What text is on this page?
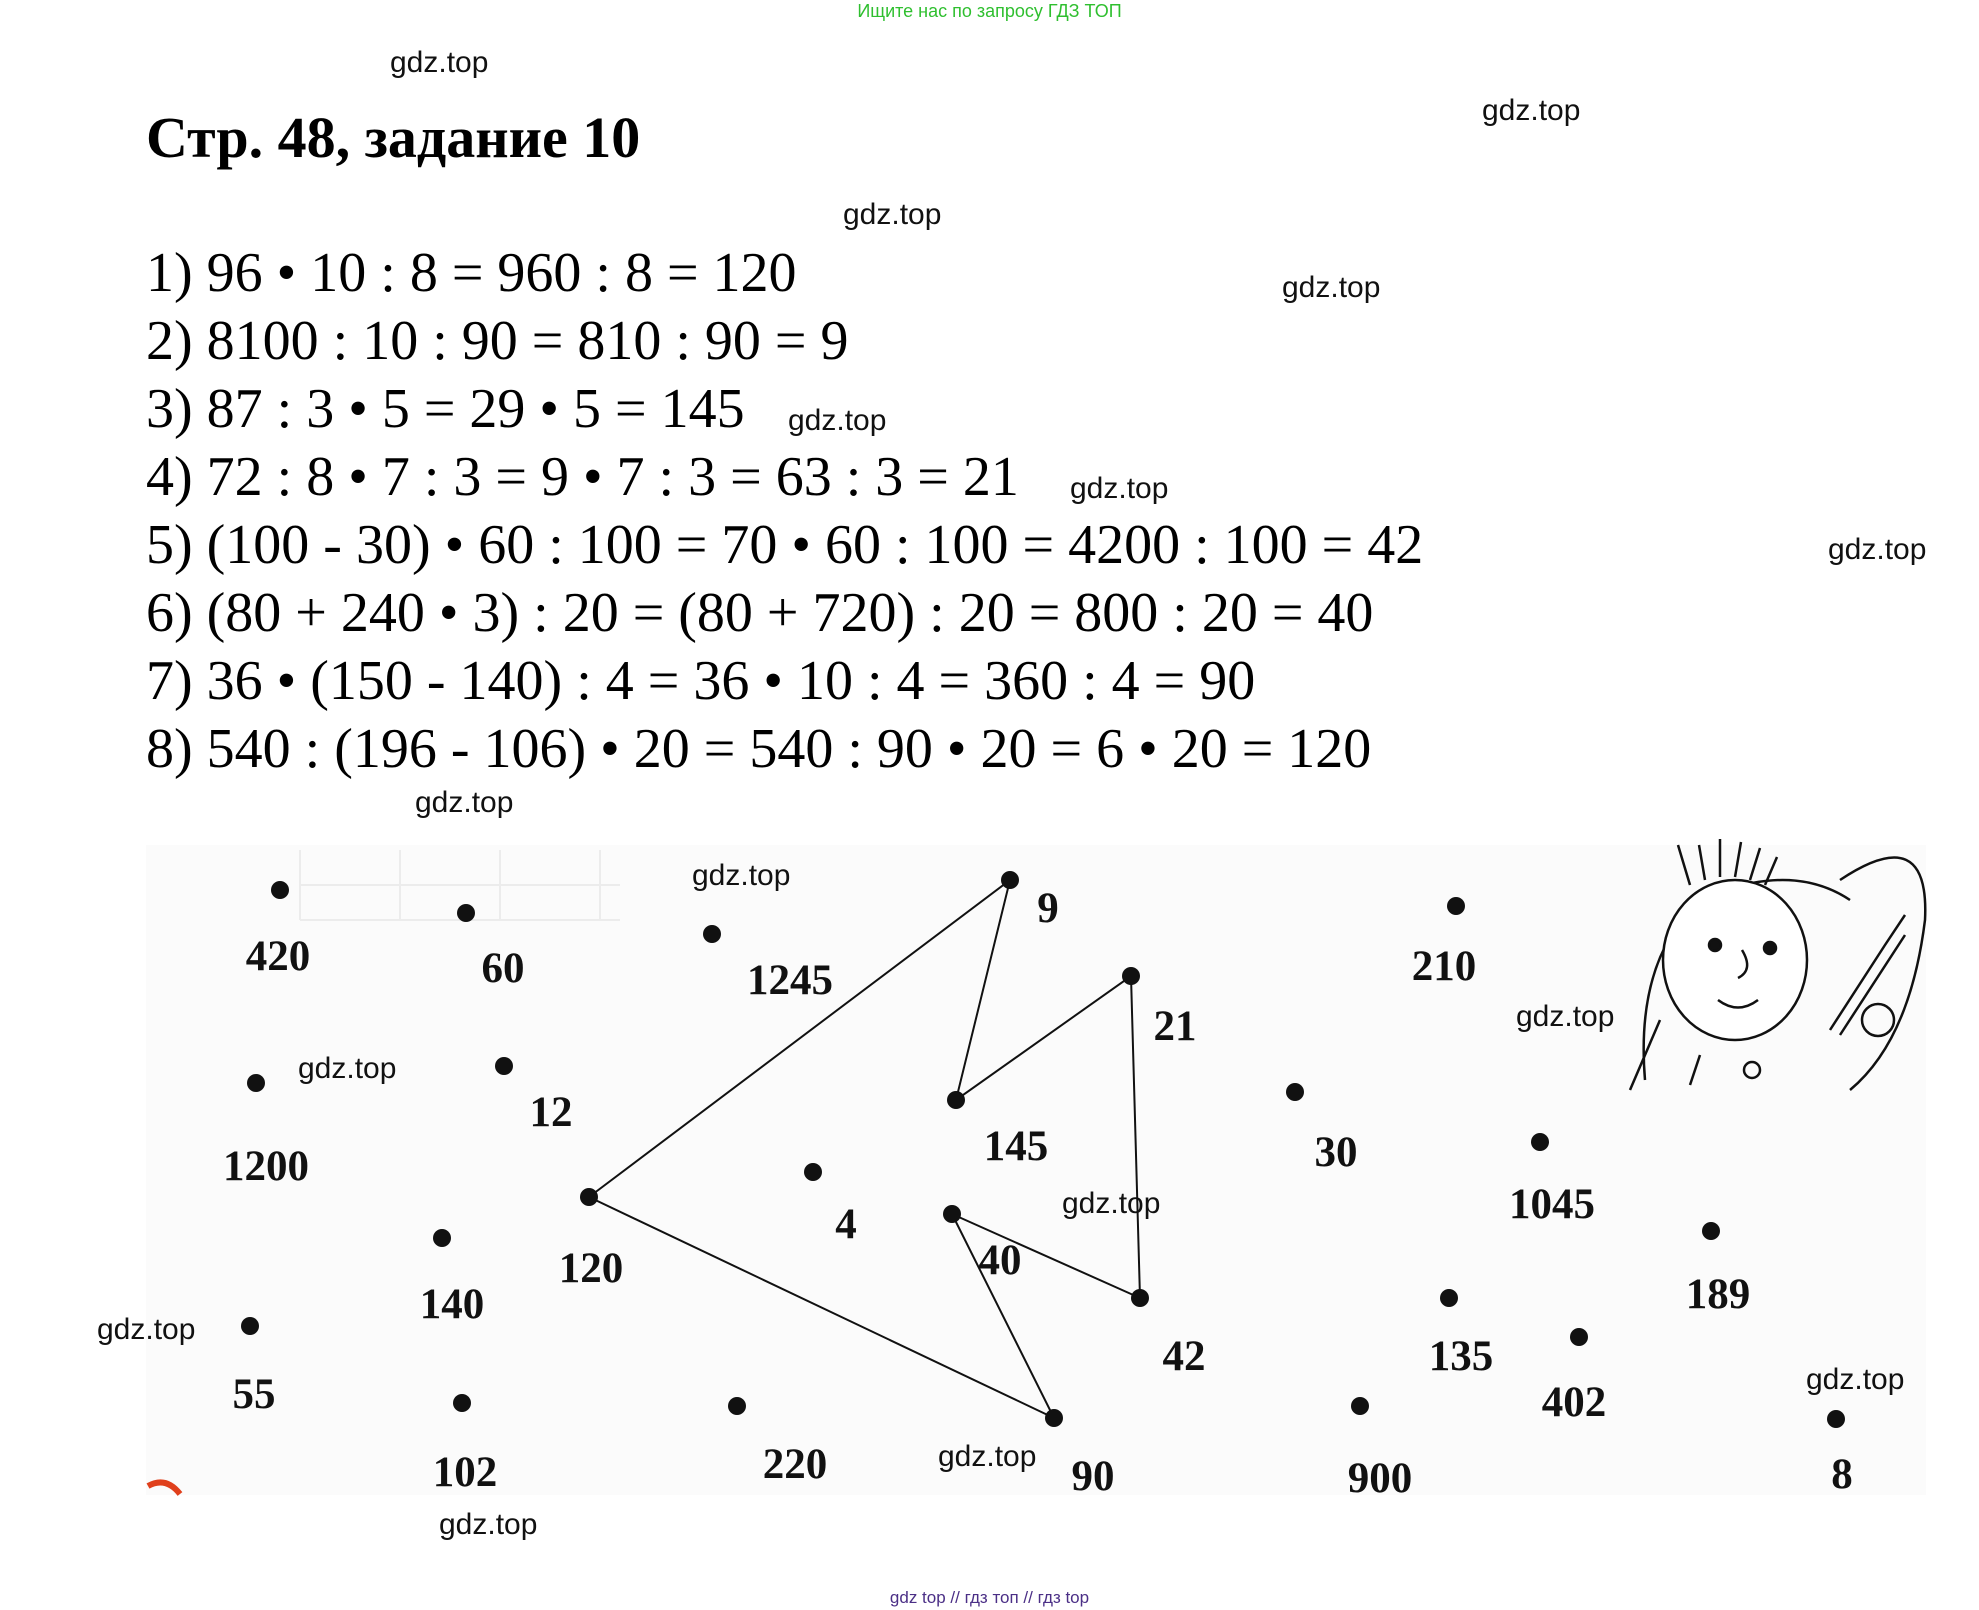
Ищите нас по запросу ГДЗ ТОП
Стр. 48, задание 10
1) 96 • 10 : 8 = 960 : 8 = 120
2) 8100 : 10 : 90 = 810 : 90 = 9
3) 87 : 3 • 5 = 29 • 5 = 145
4) 72 : 8 • 7 : 3 = 9 • 7 : 3 = 63 : 3 = 21
5) (100 - 30) • 60 : 100 = 70 • 60 : 100 = 4200 : 100 = 42
6) (80 + 240 • 3) : 20 = (80 + 720) : 20 = 800 : 20 = 40
7) 36 • (150 - 140) : 4 = 36 • 10 : 4 = 360 : 4 = 90
8) 540 : (196 - 106) • 20 = 540 : 90 • 20 = 6 • 20 = 120
420	60	1245
9
210
21
1200
12
145	30
1045
4
120	40
189
140
42	135
402
55
102	220	90	900	8
gdz.top
gdz.top
gdz.top
gdz.top
gdz.top
gdz.top
gdz.top
gdz.top
gdz.top
gdz.top
gdz.top
gdz.top
gdz.top
gdz.top
gdz.top
gdz.top
gdz top // гдз топ // гдз top
